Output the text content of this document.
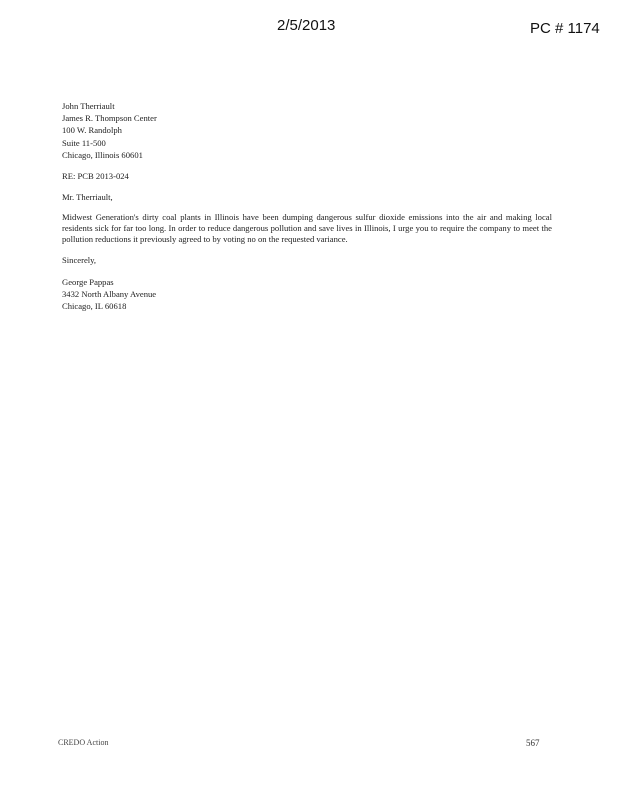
2/5/2013	PC # 1174
John Therriault
James R. Thompson Center
100 W. Randolph
Suite 11-500
Chicago, Illinois 60601
RE: PCB 2013-024
Mr. Therriault,

Midwest Generation's dirty coal plants in Illinois have been dumping dangerous sulfur dioxide emissions into the air and making local residents sick for far too long. In order to reduce dangerous pollution and save lives in Illinois, I urge you to require the company to meet the pollution reductions it previously agreed to by voting no on the requested variance.

Sincerely,
George Pappas
3432 North Albany Avenue
Chicago, IL 60618
CREDO Action	567
